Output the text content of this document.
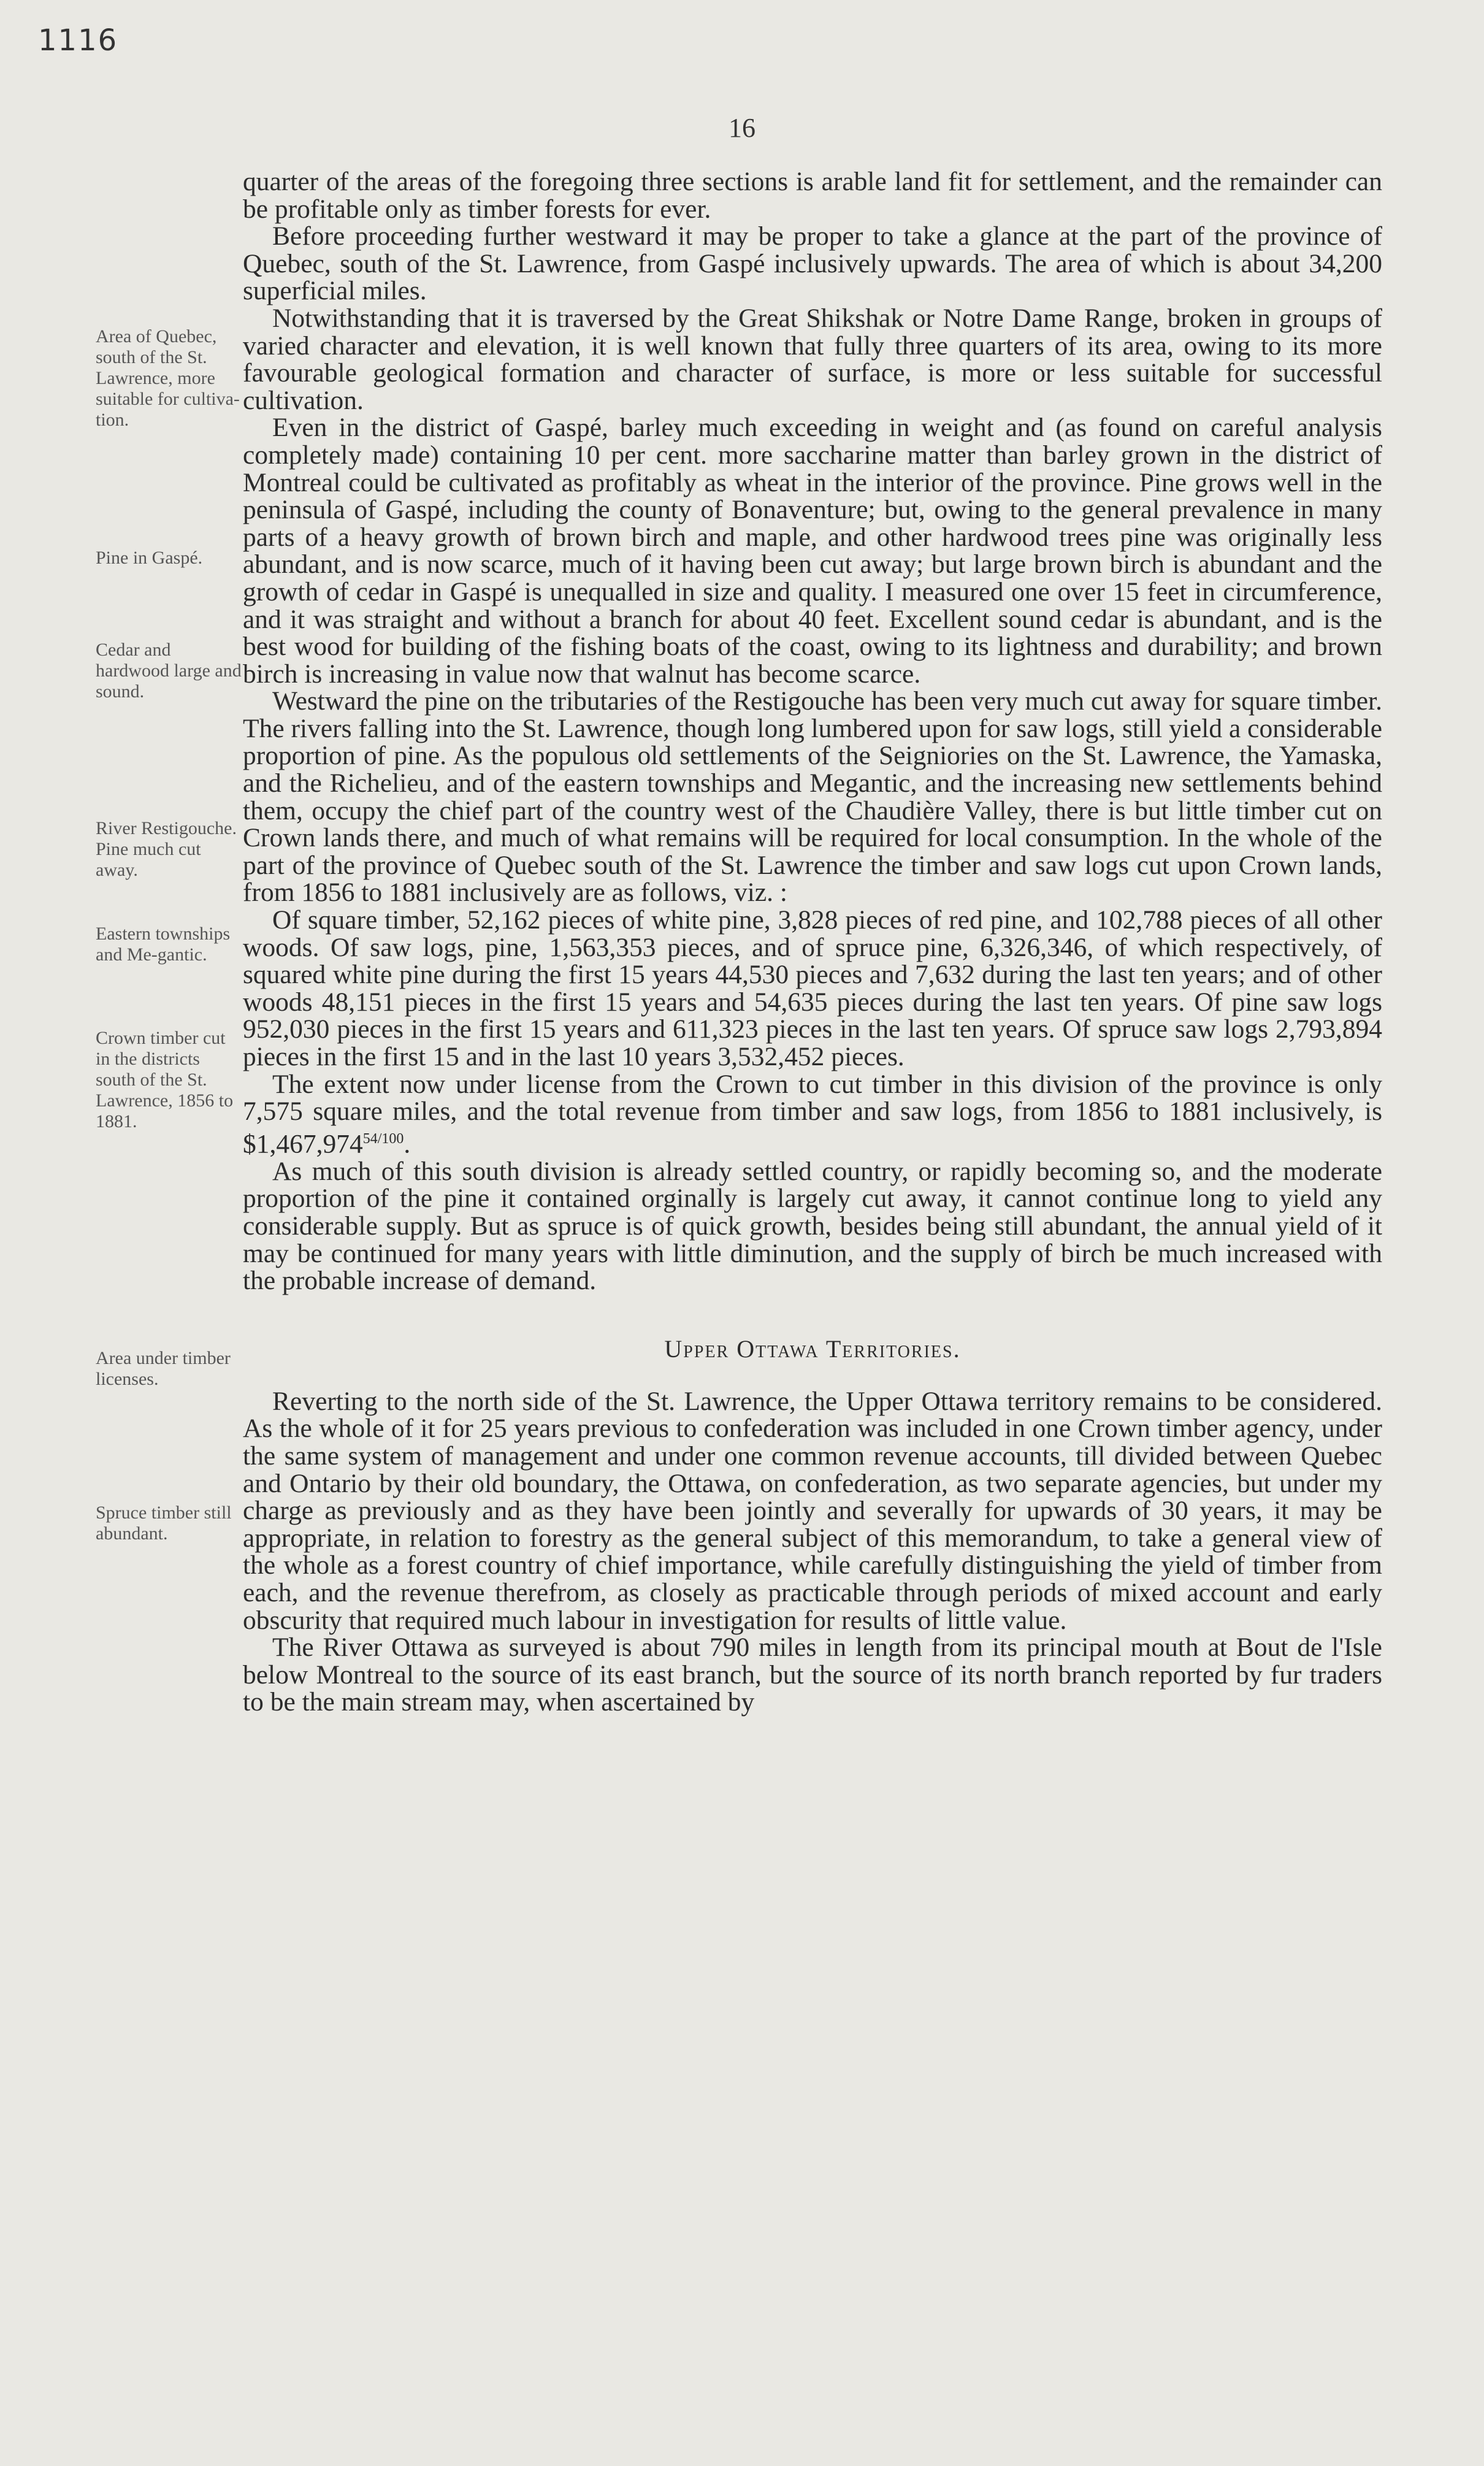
1116
16

Area of Quebec, south of the St. Lawrence, more suitable for cultiva-tion.

Pine in Gaspé.

Cedar and hardwood large and sound.

River Restigouche. Pine much cut away.

Eastern townships and Me-gantic.

Crown timber cut in the districts south of the St. Lawrence, 1856 to 1881.

Area under timber licenses.

Spruce timber still abundant.

quarter of the areas of the foregoing three sections is arable land fit for settlement, and the remainder can be profitable only as timber forests for ever.

Before proceeding further westward it may be proper to take a glance at the part of the province of Quebec, south of the St. Lawrence, from Gaspé inclusively upwards. The area of which is about 34,200 superficial miles.

Notwithstanding that it is traversed by the Great Shikshak or Notre Dame Range, broken in groups of varied character and elevation, it is well known that fully three quarters of its area, owing to its more favourable geological formation and character of surface, is more or less suitable for successful cultivation.

Even in the district of Gaspé, barley much exceeding in weight and (as found on careful analysis completely made) containing 10 per cent. more saccharine matter than barley grown in the district of Montreal could be cultivated as profitably as wheat in the interior of the province. Pine grows well in the peninsula of Gaspé, including the county of Bonaventure; but, owing to the general prevalence in many parts of a heavy growth of brown birch and maple, and other hardwood trees pine was originally less abundant, and is now scarce, much of it having been cut away; but large brown birch is abundant and the growth of cedar in Gaspé is unequalled in size and quality. I measured one over 15 feet in circumference, and it was straight and without a branch for about 40 feet. Excellent sound cedar is abundant, and is the best wood for building of the fishing boats of the coast, owing to its lightness and durability; and brown birch is increasing in value now that walnut has become scarce.

Westward the pine on the tributaries of the Restigouche has been very much cut away for square timber. The rivers falling into the St. Lawrence, though long lumbered upon for saw logs, still yield a considerable proportion of pine. As the populous old settlements of the Seigniories on the St. Lawrence, the Yamaska, and the Richelieu, and of the eastern townships and Megantic, and the increasing new settlements behind them, occupy the chief part of the country west of the Chaudière Valley, there is but little timber cut on Crown lands there, and much of what remains will be required for local consumption. In the whole of the part of the province of Quebec south of the St. Lawrence the timber and saw logs cut upon Crown lands, from 1856 to 1881 inclusively are as follows, viz. :

Of square timber, 52,162 pieces of white pine, 3,828 pieces of red pine, and 102,788 pieces of all other woods. Of saw logs, pine, 1,563,353 pieces, and of spruce pine, 6,326,346, of which respectively, of squared white pine during the first 15 years 44,530 pieces and 7,632 during the last ten years; and of other woods 48,151 pieces in the first 15 years and 54,635 pieces during the last ten years. Of pine saw logs 952,030 pieces in the first 15 years and 611,323 pieces in the last ten years. Of spruce saw logs 2,793,894 pieces in the first 15 and in the last 10 years 3,532,452 pieces.

The extent now under license from the Crown to cut timber in this division of the province is only 7,575 square miles, and the total revenue from timber and saw logs, from 1856 to 1881 inclusively, is $\$1,467,974^{54/100}$.

As much of this south division is already settled country, or rapidly becoming so, and the moderate proportion of the pine it contained orginally is largely cut away, it cannot continue long to yield any considerable supply. But as spruce is of quick growth, besides being still abundant, the annual yield of it may be continued for many years with little diminution, and the supply of birch be much increased with the probable increase of demand.

Upper Ottawa Territories.

Reverting to the north side of the St. Lawrence, the Upper Ottawa territory remains to be considered. As the whole of it for 25 years previous to confederation was included in one Crown timber agency, under the same system of management and under one common revenue accounts, till divided between Quebec and Ontario by their old boundary, the Ottawa, on confederation, as two separate agencies, but under my charge as previously and as they have been jointly and severally for upwards of 30 years, it may be appropriate, in relation to forestry as the general subject of this memorandum, to take a general view of the whole as a forest country of chief importance, while carefully distinguishing the yield of timber from each, and the revenue therefrom, as closely as practicable through periods of mixed account and early obscurity that required much labour in investigation for results of little value.

The River Ottawa as surveyed is about 790 miles in length from its principal mouth at Bout de l'Isle below Montreal to the source of its east branch, but the source of its north branch reported by fur traders to be the main stream may, when ascertained by
